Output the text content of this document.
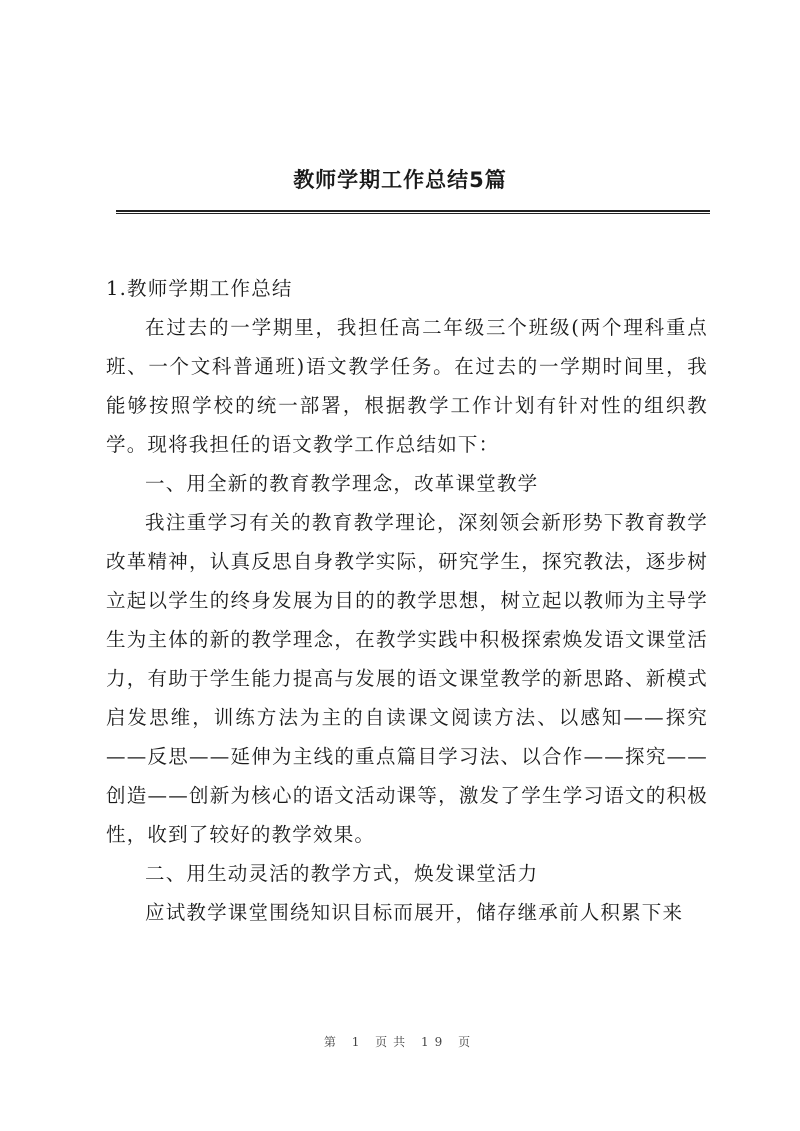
教师学期工作总结5篇

1.教师学期工作总结

在过去的一学期里，我担任高二年级三个班级(两个理科重点班、一个文科普通班)语文教学任务。在过去的一学期时间里，我能够按照学校的统一部署，根据教学工作计划有针对性的组织教学。现将我担任的语文教学工作总结如下：

一、用全新的教育教学理念，改革课堂教学

我注重学习有关的教育教学理论，深刻领会新形势下教育教学改革精神，认真反思自身教学实际，研究学生，探究教法，逐步树立起以学生的终身发展为目的的教学思想，树立起以教师为主导学生为主体的新的教学理念，在教学实践中积极探索焕发语文课堂活力，有助于学生能力提高与发展的语文课堂教学的新思路、新模式启发思维，训练方法为主的自读课文阅读方法、以感知——探究——反思——延伸为主线的重点篇目学习法、以合作——探究——创造——创新为核心的语文活动课等，激发了学生学习语文的积极性，收到了较好的教学效果。

二、用生动灵活的教学方式，焕发课堂活力

应试教学课堂围绕知识目标而展开，储存继承前人积累下来

第 1 页共 19 页
